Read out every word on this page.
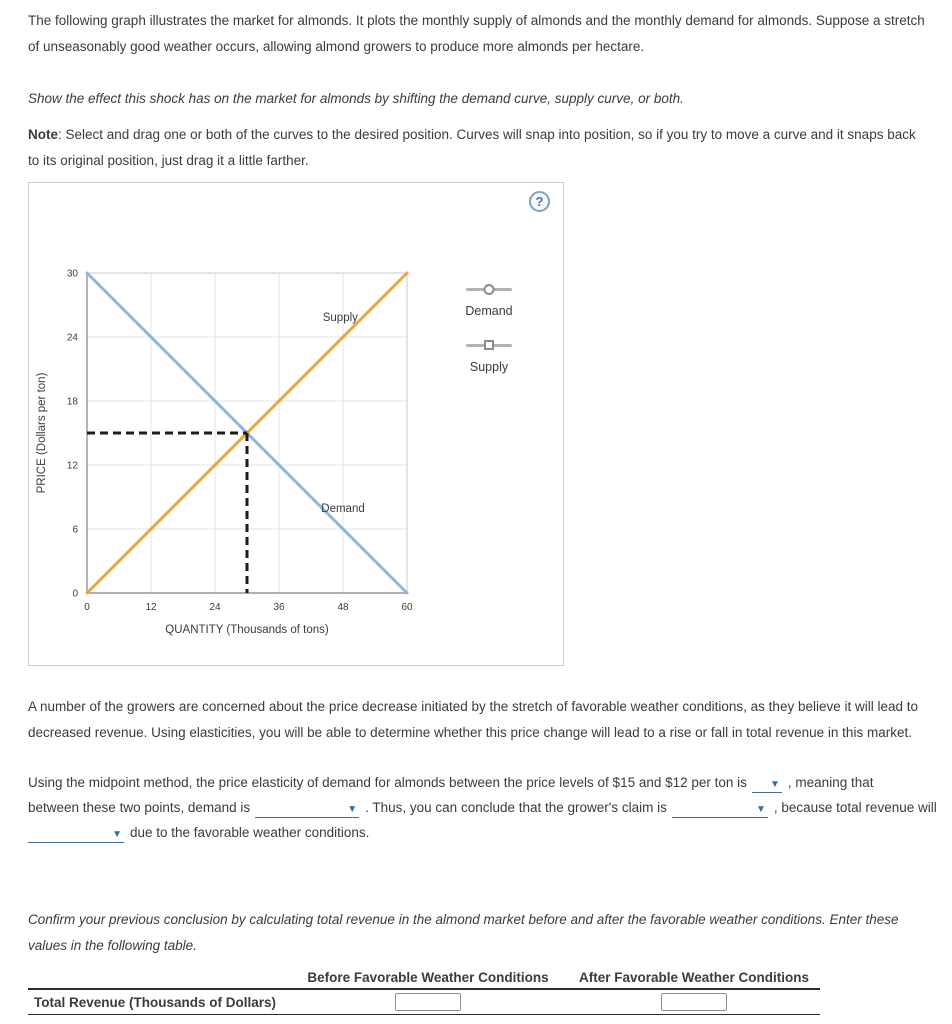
The following graph illustrates the market for almonds. It plots the monthly supply of almonds and the monthly demand for almonds. Suppose a stretch of unseasonably good weather occurs, allowing almond growers to produce more almonds per hectare.

Show the effect this shock has on the market for almonds by shifting the demand curve, supply curve, or both.

Note: Select and drag one or both of the curves to the desired position. Curves will snap into position, so if you try to move a curve and it snaps back to its original position, just drag it a little farther.

?
Demand
Supply
0
6
12
18
24
30
0	12	24	36	48	60
QUANTITY (Thousands of tons)
PRICE (Dollars per ton)
Demand
Supply

A number of the growers are concerned about the price decrease initiated by the stretch of favorable weather conditions, as they believe it will lead to decreased revenue. Using elasticities, you will be able to determine whether this price change will lead to a rise or fall in total revenue in this market.

Using the midpoint method, the price elasticity of demand for almonds between the price levels of $15 and $12 per ton is ▼ , meaning that
between these two points, demand is	▼ . Thus, you can conclude that the grower's claim is	▼ , because total revenue will
▼ due to the favorable weather conditions.

Confirm your previous conclusion by calculating total revenue in the almond market before and after the favorable weather conditions. Enter these values in the following table.

	Before Favorable Weather Conditions	After Favorable Weather Conditions
Total Revenue (Thousands of Dollars)		
